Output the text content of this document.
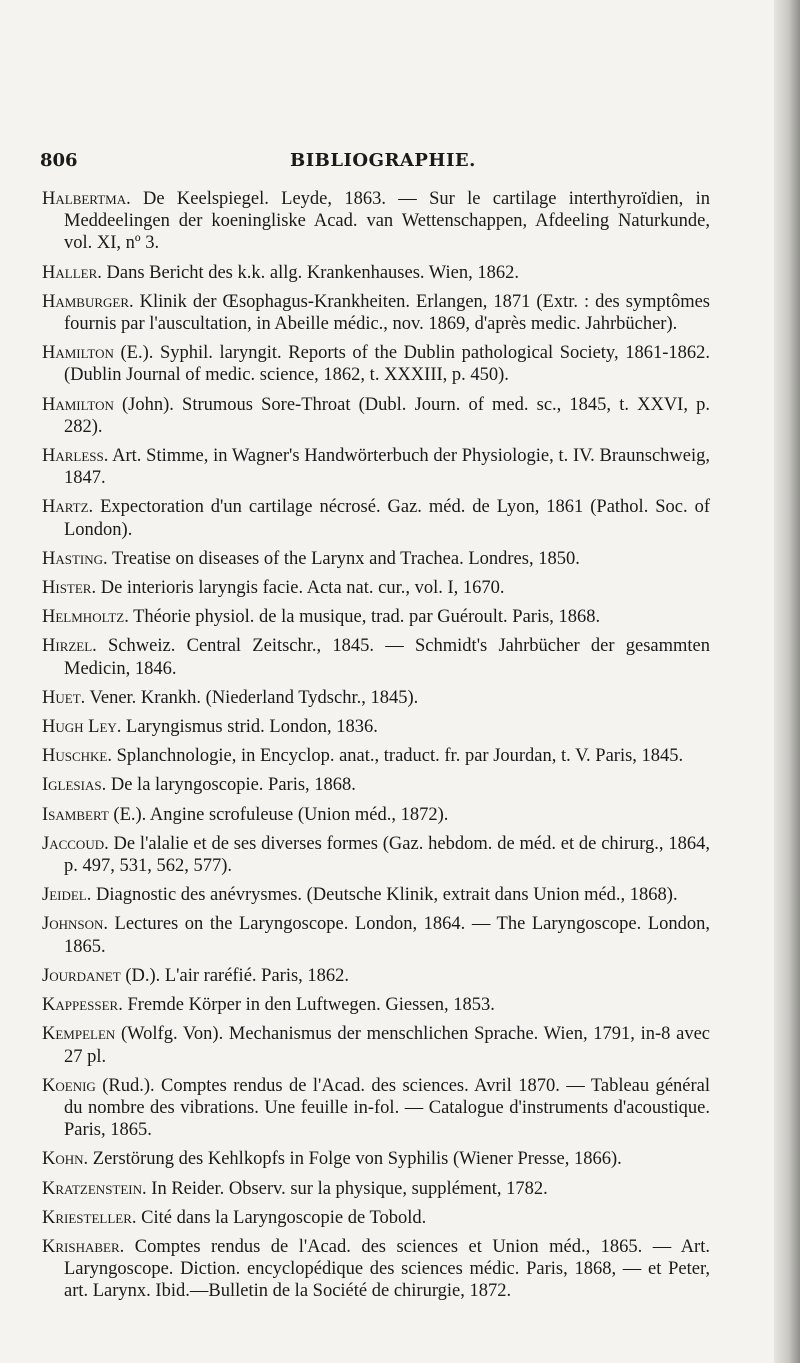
806	BIBLIOGRAPHIE.

Halbertma. De Keelspiegel. Leyde, 1863. — Sur le cartilage interthyroïdien, in Meddeelingen der koeningliske Acad. van Wettenschappen, Afdeeling Naturkunde, vol. XI, nº 3.

Haller. Dans Bericht des k.k. allg. Krankenhauses. Wien, 1862.

Hamburger. Klinik der Œsophagus-Krankheiten. Erlangen, 1871 (Extr. : des symptômes fournis par l'auscultation, in Abeille médic., nov. 1869, d'après medic. Jahrbücher).

Hamilton (E.). Syphil. laryngit. Reports of the Dublin pathological Society, 1861-1862. (Dublin Journal of medic. science, 1862, t. XXXIII, p. 450).

Hamilton (John). Strumous Sore-Throat (Dubl. Journ. of med. sc., 1845, t. XXVI, p. 282).

Harless. Art. Stimme, in Wagner's Handwörterbuch der Physiologie, t. IV. Braunschweig, 1847.

Hartz. Expectoration d'un cartilage nécrosé. Gaz. méd. de Lyon, 1861 (Pathol. Soc. of London).

Hasting. Treatise on diseases of the Larynx and Trachea. Londres, 1850.

Hister. De interioris laryngis facie. Acta nat. cur., vol. I, 1670.

Helmholtz. Théorie physiol. de la musique, trad. par Guéroult. Paris, 1868.

Hirzel. Schweiz. Central Zeitschr., 1845. — Schmidt's Jahrbücher der gesammten Medicin, 1846.

Huet. Vener. Krankh. (Niederland Tydschr., 1845).

Hugh Ley. Laryngismus strid. London, 1836.

Huschke. Splanchnologie, in Encyclop. anat., traduct. fr. par Jourdan, t. V. Paris, 1845.

Iglesias. De la laryngoscopie. Paris, 1868.

Isambert (E.). Angine scrofuleuse (Union méd., 1872).

Jaccoud. De l'alalie et de ses diverses formes (Gaz. hebdom. de méd. et de chirurg., 1864, p. 497, 531, 562, 577).

Jeidel. Diagnostic des anévrysmes. (Deutsche Klinik, extrait dans Union méd., 1868).

Johnson. Lectures on the Laryngoscope. London, 1864. — The Laryngoscope. London, 1865.

Jourdanet (D.). L'air raréfié. Paris, 1862.

Kappesser. Fremde Körper in den Luftwegen. Giessen, 1853.

Kempelen (Wolfg. Von). Mechanismus der menschlichen Sprache. Wien, 1791, in-8 avec 27 pl.

Koenig (Rud.). Comptes rendus de l'Acad. des sciences. Avril 1870. — Tableau général du nombre des vibrations. Une feuille in-fol. — Catalogue d'instruments d'acoustique. Paris, 1865.

Kohn. Zerstörung des Kehlkopfs in Folge von Syphilis (Wiener Presse, 1866).

Kratzenstein. In Reider. Observ. sur la physique, supplément, 1782.

Kriesteller. Cité dans la Laryngoscopie de Tobold.

Krishaber. Comptes rendus de l'Acad. des sciences et Union méd., 1865. — Art. Laryngoscope. Diction. encyclopédique des sciences médic. Paris, 1868, — et Peter, art. Larynx. Ibid.—Bulletin de la Société de chirurgie, 1872.
